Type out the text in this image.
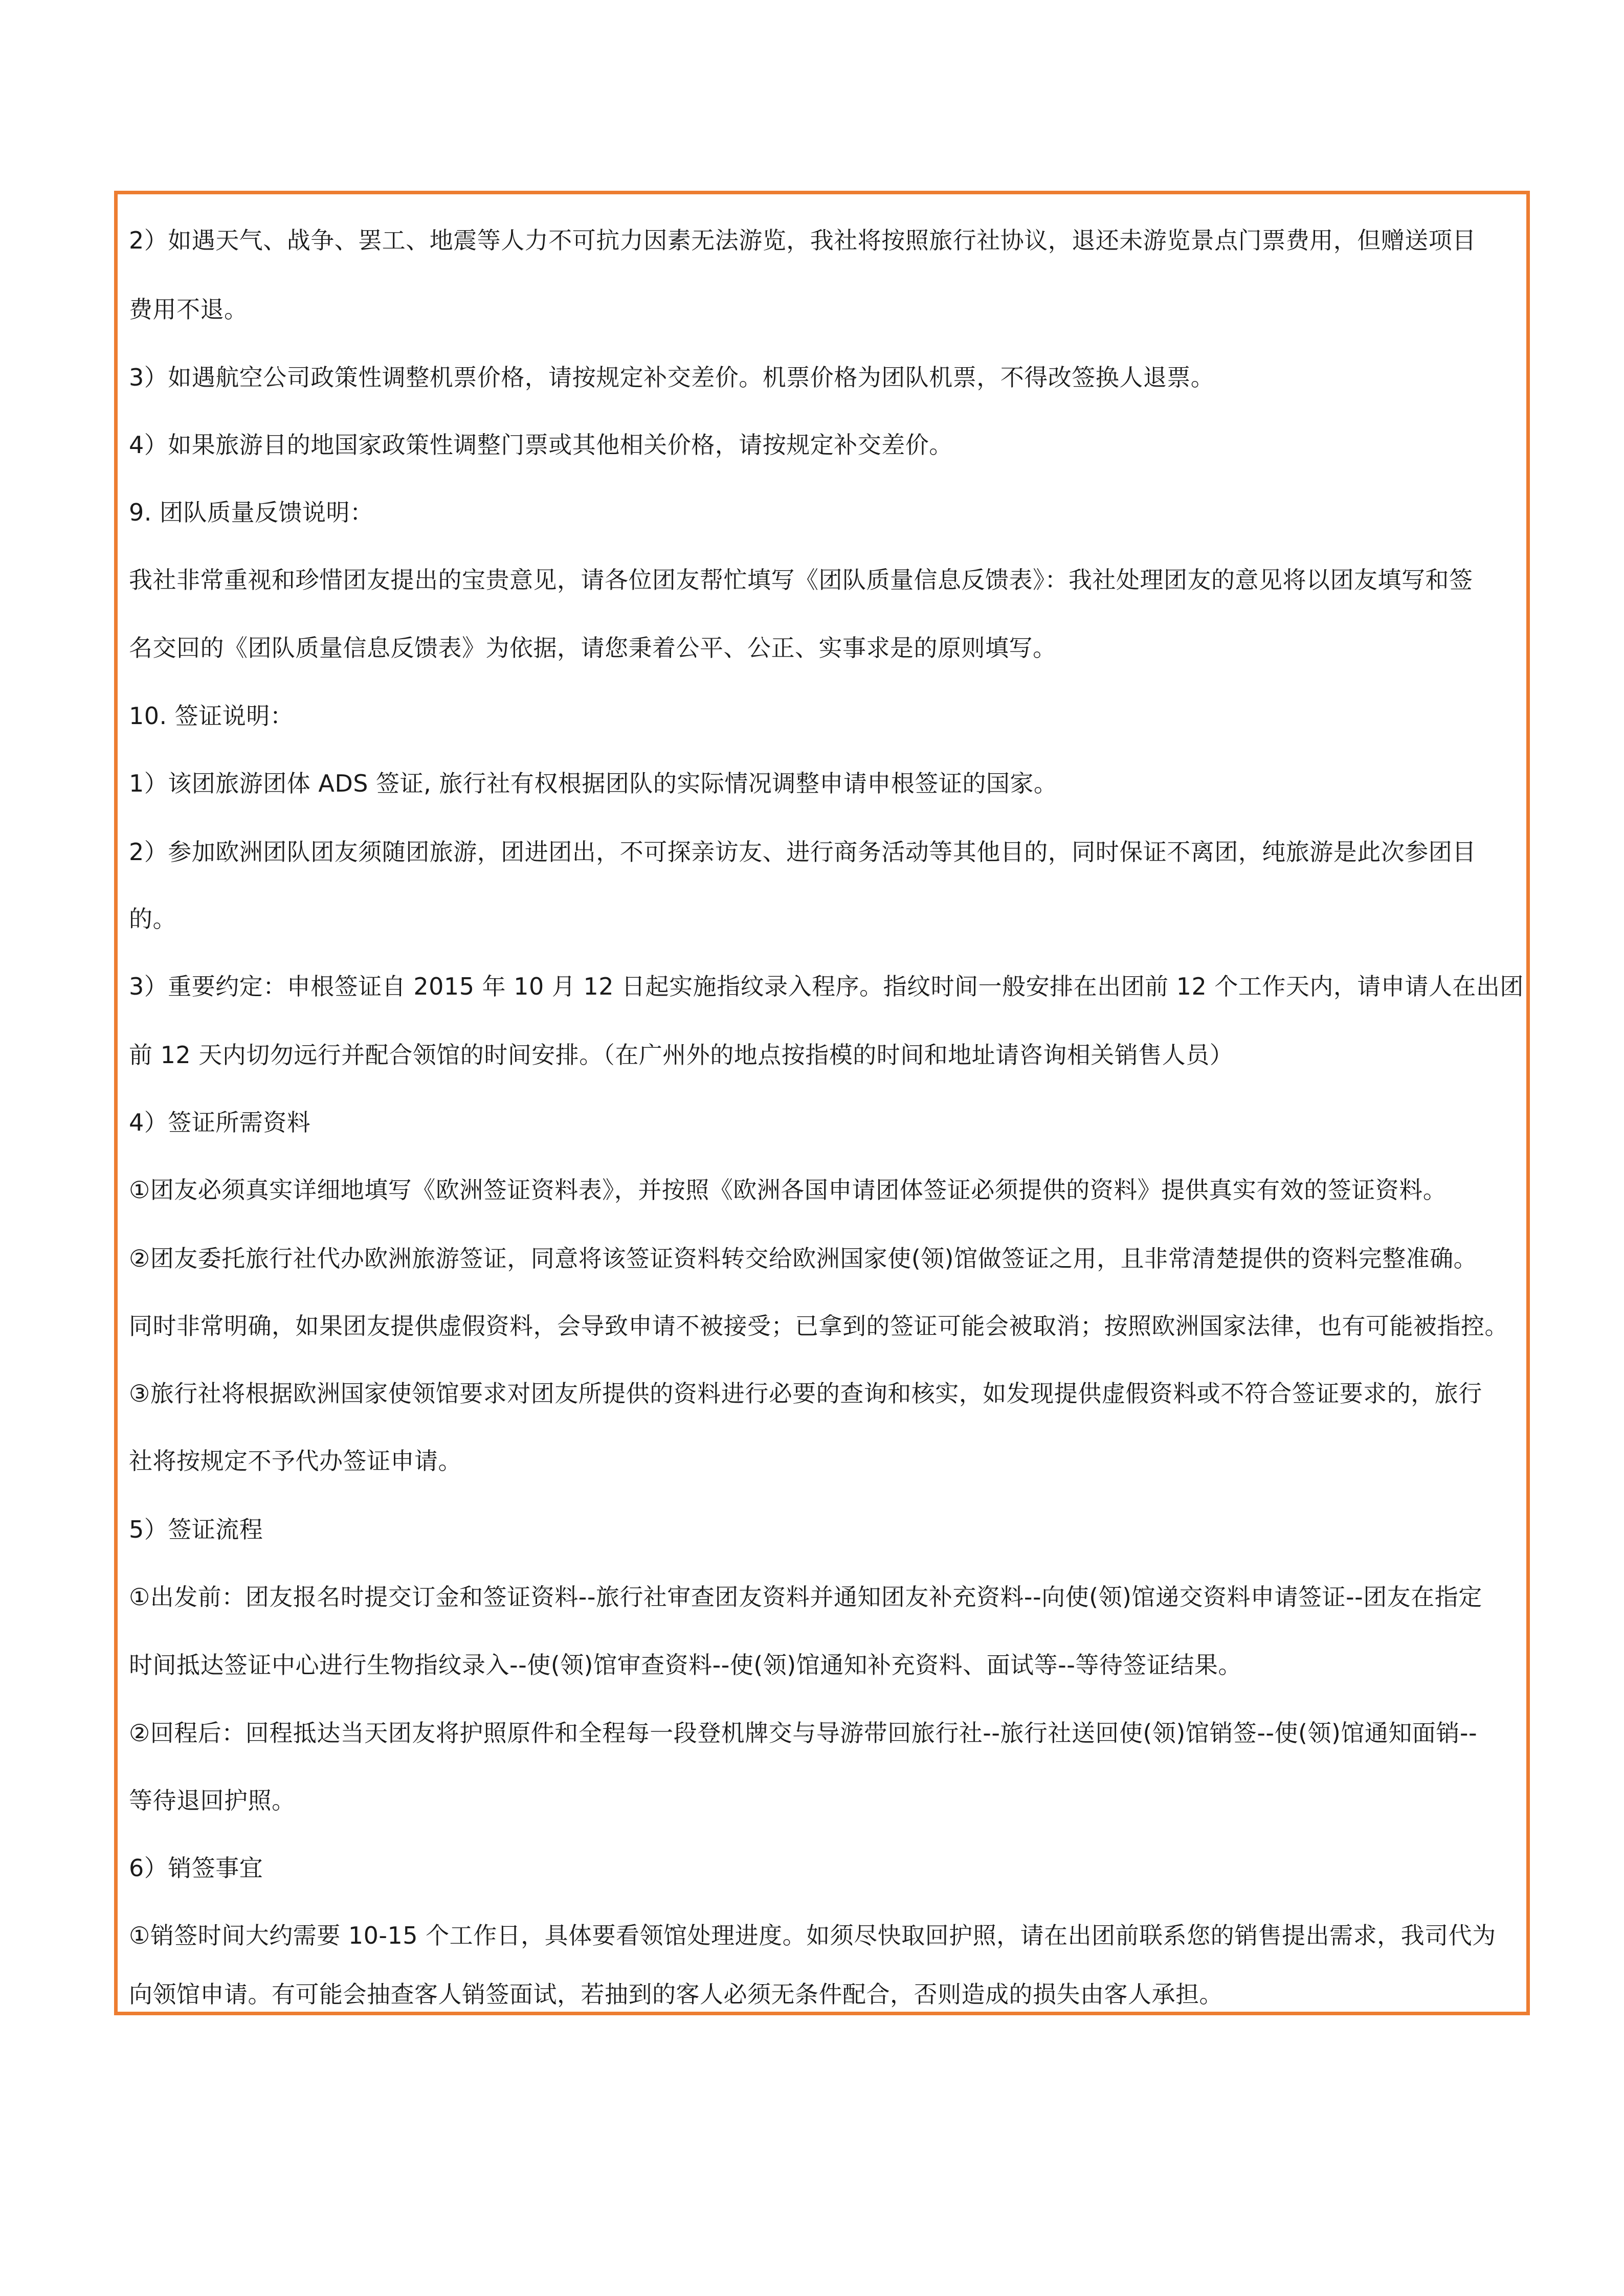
2）如遇天气、战争、罢工、地震等人力不可抗力因素无法游览，我社将按照旅行社协议，退还未游览景点门票费用，但赠送项目
费用不退。
3）如遇航空公司政策性调整机票价格，请按规定补交差价。机票价格为团队机票，不得改签换人退票。
4）如果旅游目的地国家政策性调整门票或其他相关价格，请按规定补交差价。
9. 团队质量反馈说明：
我社非常重视和珍惜团友提出的宝贵意见，请各位团友帮忙填写《团队质量信息反馈表》：我社处理团友的意见将以团友填写和签
名交回的《团队质量信息反馈表》为依据，请您秉着公平、公正、实事求是的原则填写。
10. 签证说明：
1）该团旅游团体 ADS 签证, 旅行社有权根据团队的实际情况调整申请申根签证的国家。
2）参加欧洲团队团友须随团旅游，团进团出，不可探亲访友、进行商务活动等其他目的，同时保证不离团，纯旅游是此次参团目
的。
3）重要约定：申根签证自 2015 年 10 月 12 日起实施指纹录入程序。指纹时间一般安排在出团前 12 个工作天内，请申请人在出团
前 12 天内切勿远行并配合领馆的时间安排。（在广州外的地点按指模的时间和地址请咨询相关销售人员）
4）签证所需资料
①团友必须真实详细地填写《欧洲签证资料表》，并按照《欧洲各国申请团体签证必须提供的资料》提供真实有效的签证资料。
②团友委托旅行社代办欧洲旅游签证，同意将该签证资料转交给欧洲国家使(领)馆做签证之用，且非常清楚提供的资料完整准确。
同时非常明确，如果团友提供虚假资料，会导致申请不被接受；已拿到的签证可能会被取消；按照欧洲国家法律，也有可能被指控。
③旅行社将根据欧洲国家使领馆要求对团友所提供的资料进行必要的查询和核实，如发现提供虚假资料或不符合签证要求的，旅行
社将按规定不予代办签证申请。
5）签证流程
①出发前：团友报名时提交订金和签证资料--旅行社审查团友资料并通知团友补充资料--向使(领)馆递交资料申请签证--团友在指定
时间抵达签证中心进行生物指纹录入--使(领)馆审查资料--使(领)馆通知补充资料、面试等--等待签证结果。
②回程后：回程抵达当天团友将护照原件和全程每一段登机牌交与导游带回旅行社--旅行社送回使(领)馆销签--使(领)馆通知面销--
等待退回护照。
6）销签事宜
①销签时间大约需要 10-15 个工作日，具体要看领馆处理进度。如须尽快取回护照，请在出团前联系您的销售提出需求，我司代为
向领馆申请。有可能会抽查客人销签面试，若抽到的客人必须无条件配合，否则造成的损失由客人承担。
